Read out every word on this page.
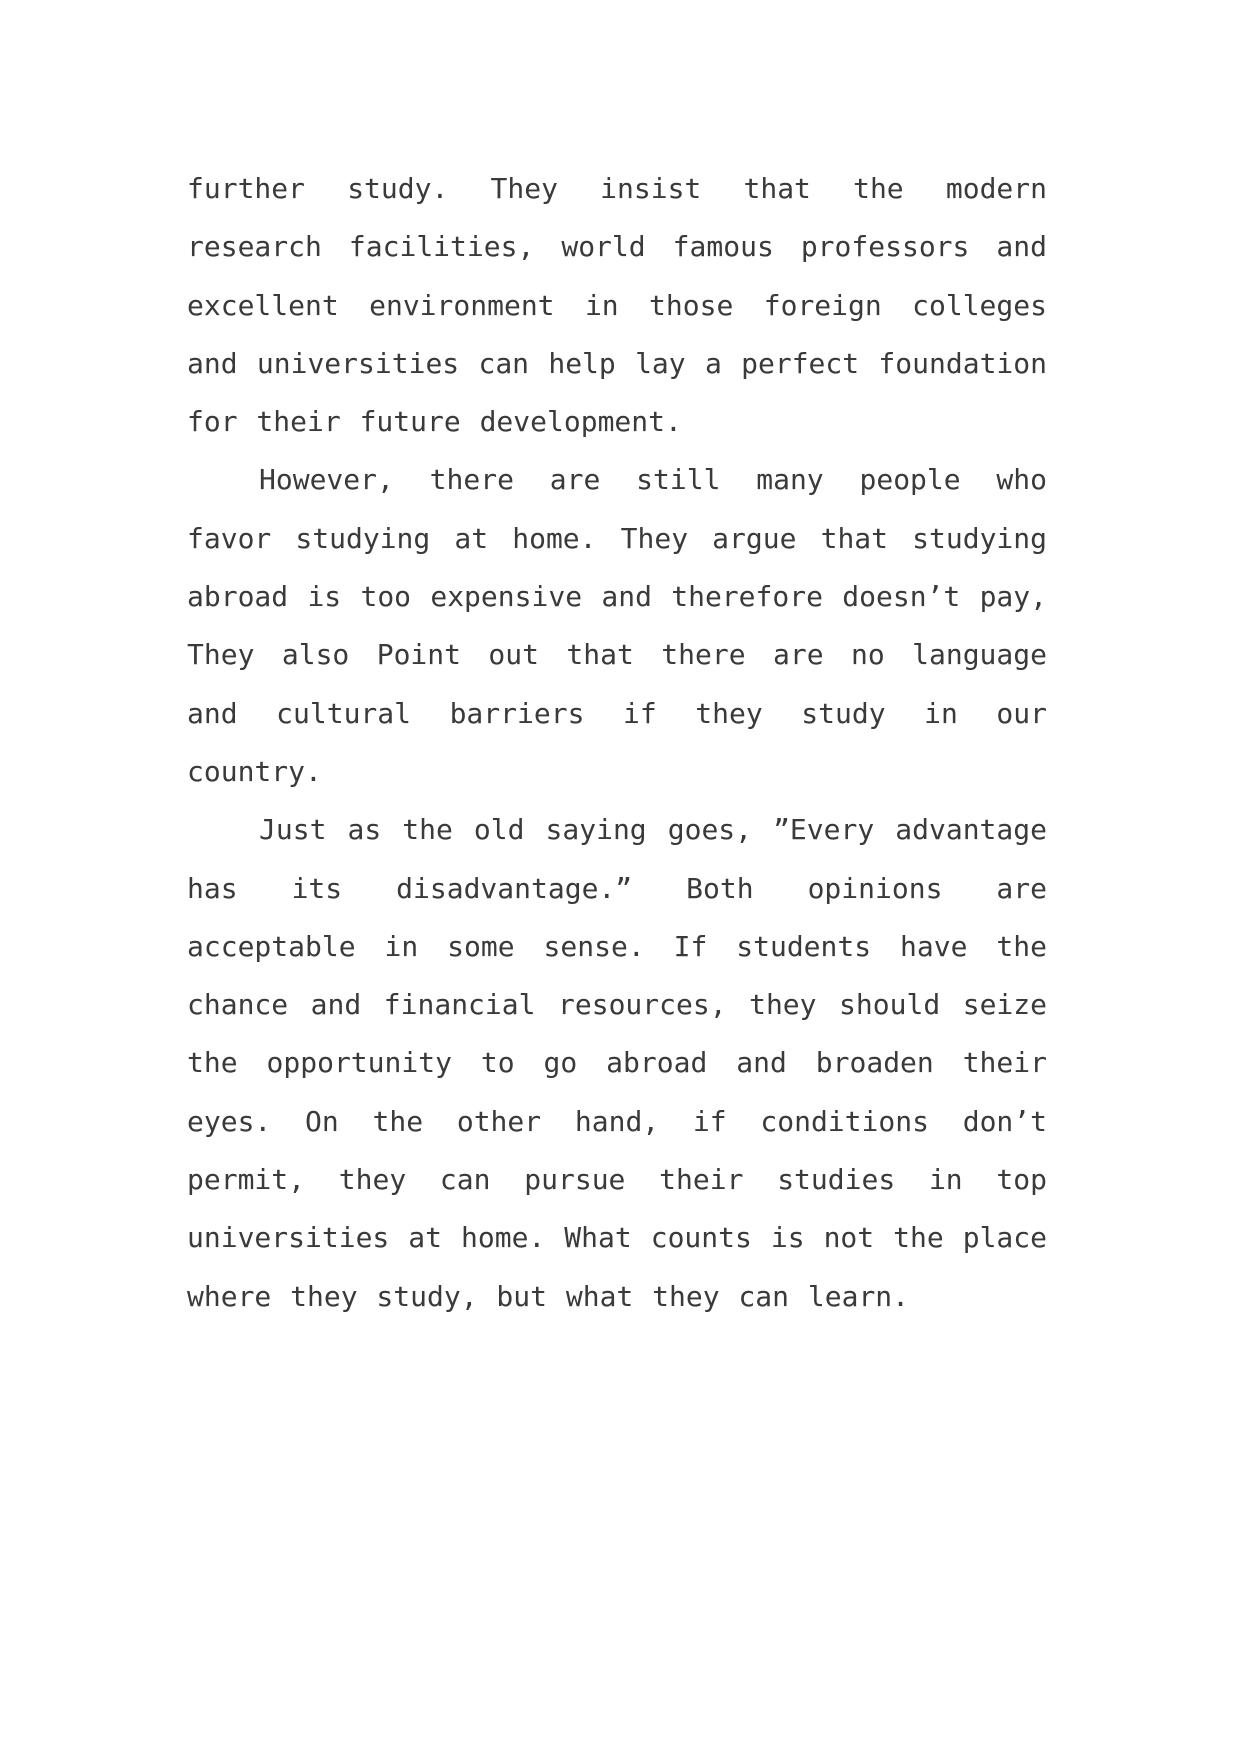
further study. They insist that the modern research facilities, world famous professors and excellent environment in those foreign colleges and universities can help lay a perfect foundation for their future development.

However, there are still many people who favor studying at home. They argue that studying abroad is too expensive and therefore doesn’t pay, They also Point out that there are no language and cultural barriers if they study in our country.

Just as the old saying goes, ”Every advantage has its disadvantage.” Both opinions are acceptable in some sense. If students have the chance and financial resources, they should seize the opportunity to go abroad and broaden their eyes. On the other hand, if conditions don’t permit, they can pursue their studies in top universities at home. What counts is not the place where they study, but what they can learn.
